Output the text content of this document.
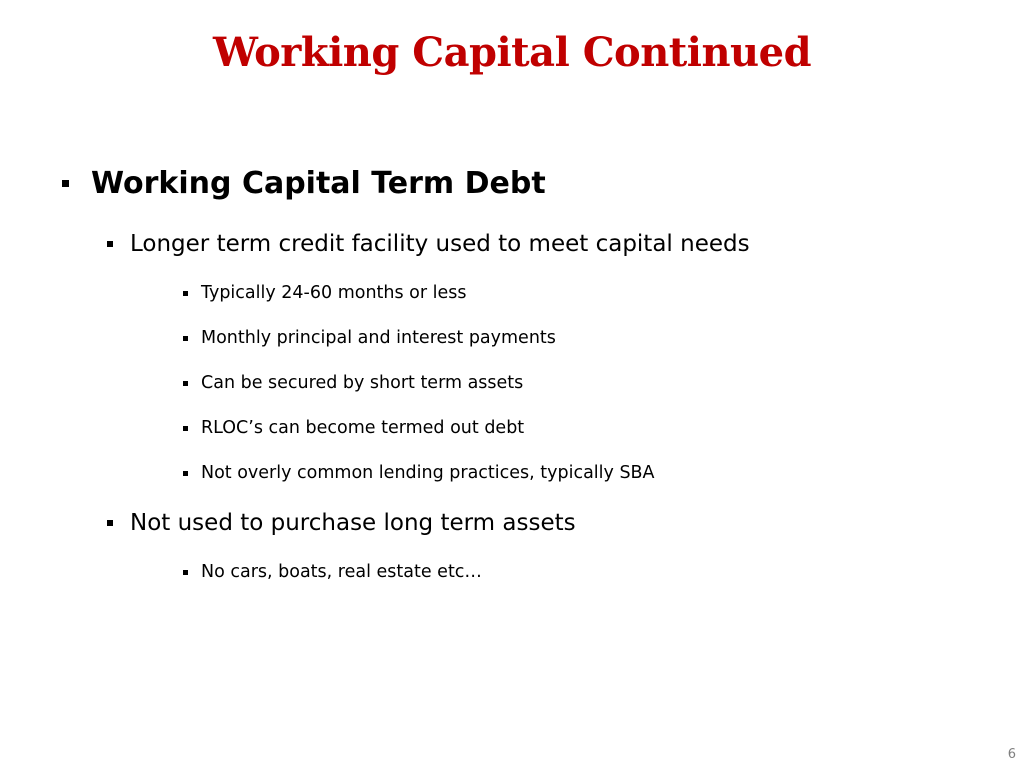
Working Capital Continued
Working Capital Term Debt
Longer term credit facility used to meet capital needs
Typically 24-60 months or less
Monthly principal and interest payments
Can be secured by short term assets
RLOC’s can become termed out debt
Not overly common lending practices, typically SBA
Not used to purchase long term assets
No cars, boats, real estate etc…
6
